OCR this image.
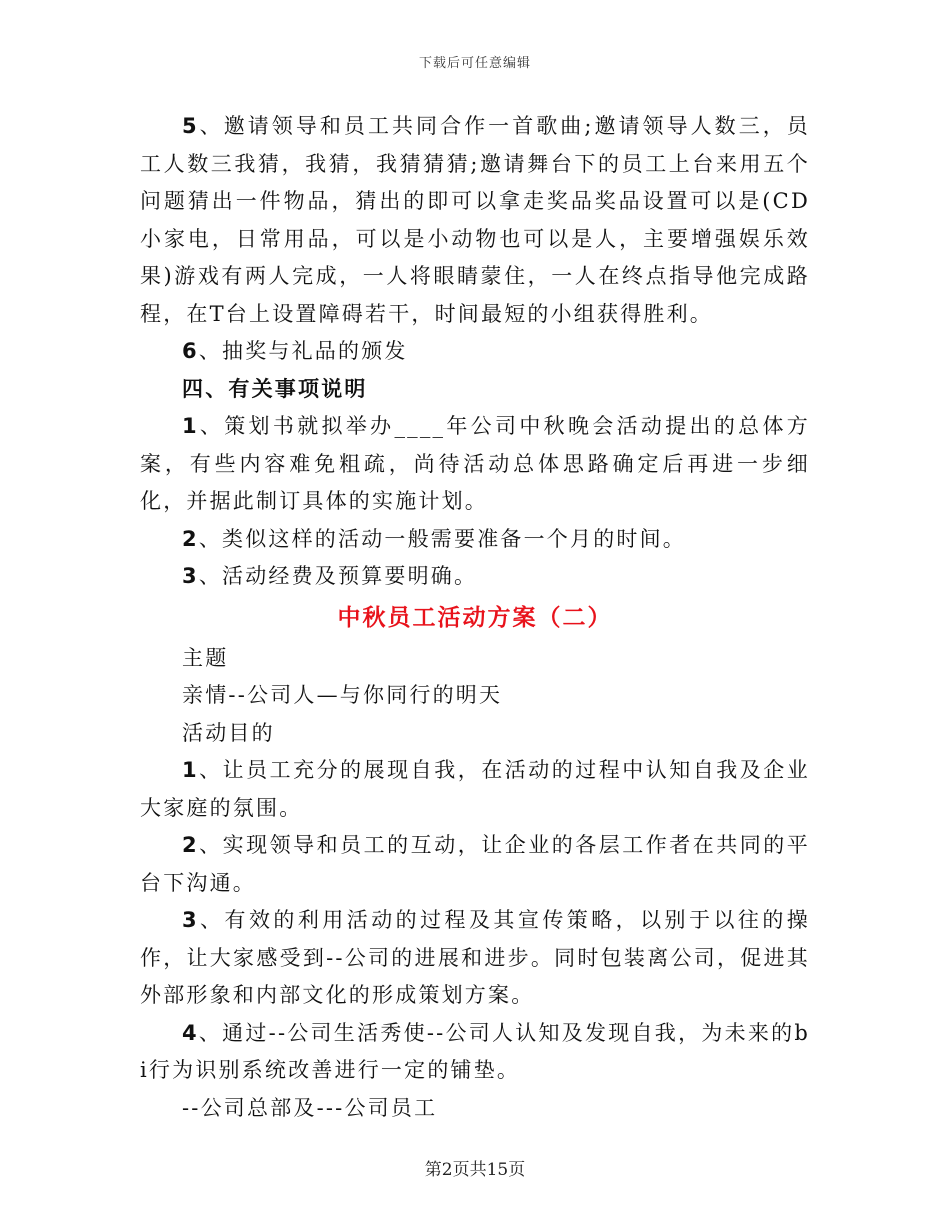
下载后可任意编辑

5、邀请领导和员工共同合作一首歌曲;邀请领导人数三，员工人数三我猜，我猜，我猜猜猜;邀请舞台下的员工上台来用五个问题猜出一件物品，猜出的即可以拿走奖品奖品设置可以是(CD小家电，日常用品，可以是小动物也可以是人，主要增强娱乐效果)游戏有两人完成，一人将眼睛蒙住，一人在终点指导他完成路程，在T台上设置障碍若干，时间最短的小组获得胜利。

6、抽奖与礼品的颁发

四、有关事项说明

1、策划书就拟举办____年公司中秋晚会活动提出的总体方案，有些内容难免粗疏，尚待活动总体思路确定后再进一步细化，并据此制订具体的实施计划。

2、类似这样的活动一般需要准备一个月的时间。

3、活动经费及预算要明确。

中秋员工活动方案（二）

主题

亲情--公司人—与你同行的明天

活动目的

1、让员工充分的展现自我，在活动的过程中认知自我及企业大家庭的氛围。

2、实现领导和员工的互动，让企业的各层工作者在共同的平台下沟通。

3、有效的利用活动的过程及其宣传策略，以别于以往的操作，让大家感受到--公司的进展和进步。同时包装离公司，促进其外部形象和内部文化的形成策划方案。

4、通过--公司生活秀使--公司人认知及发现自我，为未来的bi行为识别系统改善进行一定的铺垫。

--公司总部及---公司员工

第2页共15页
